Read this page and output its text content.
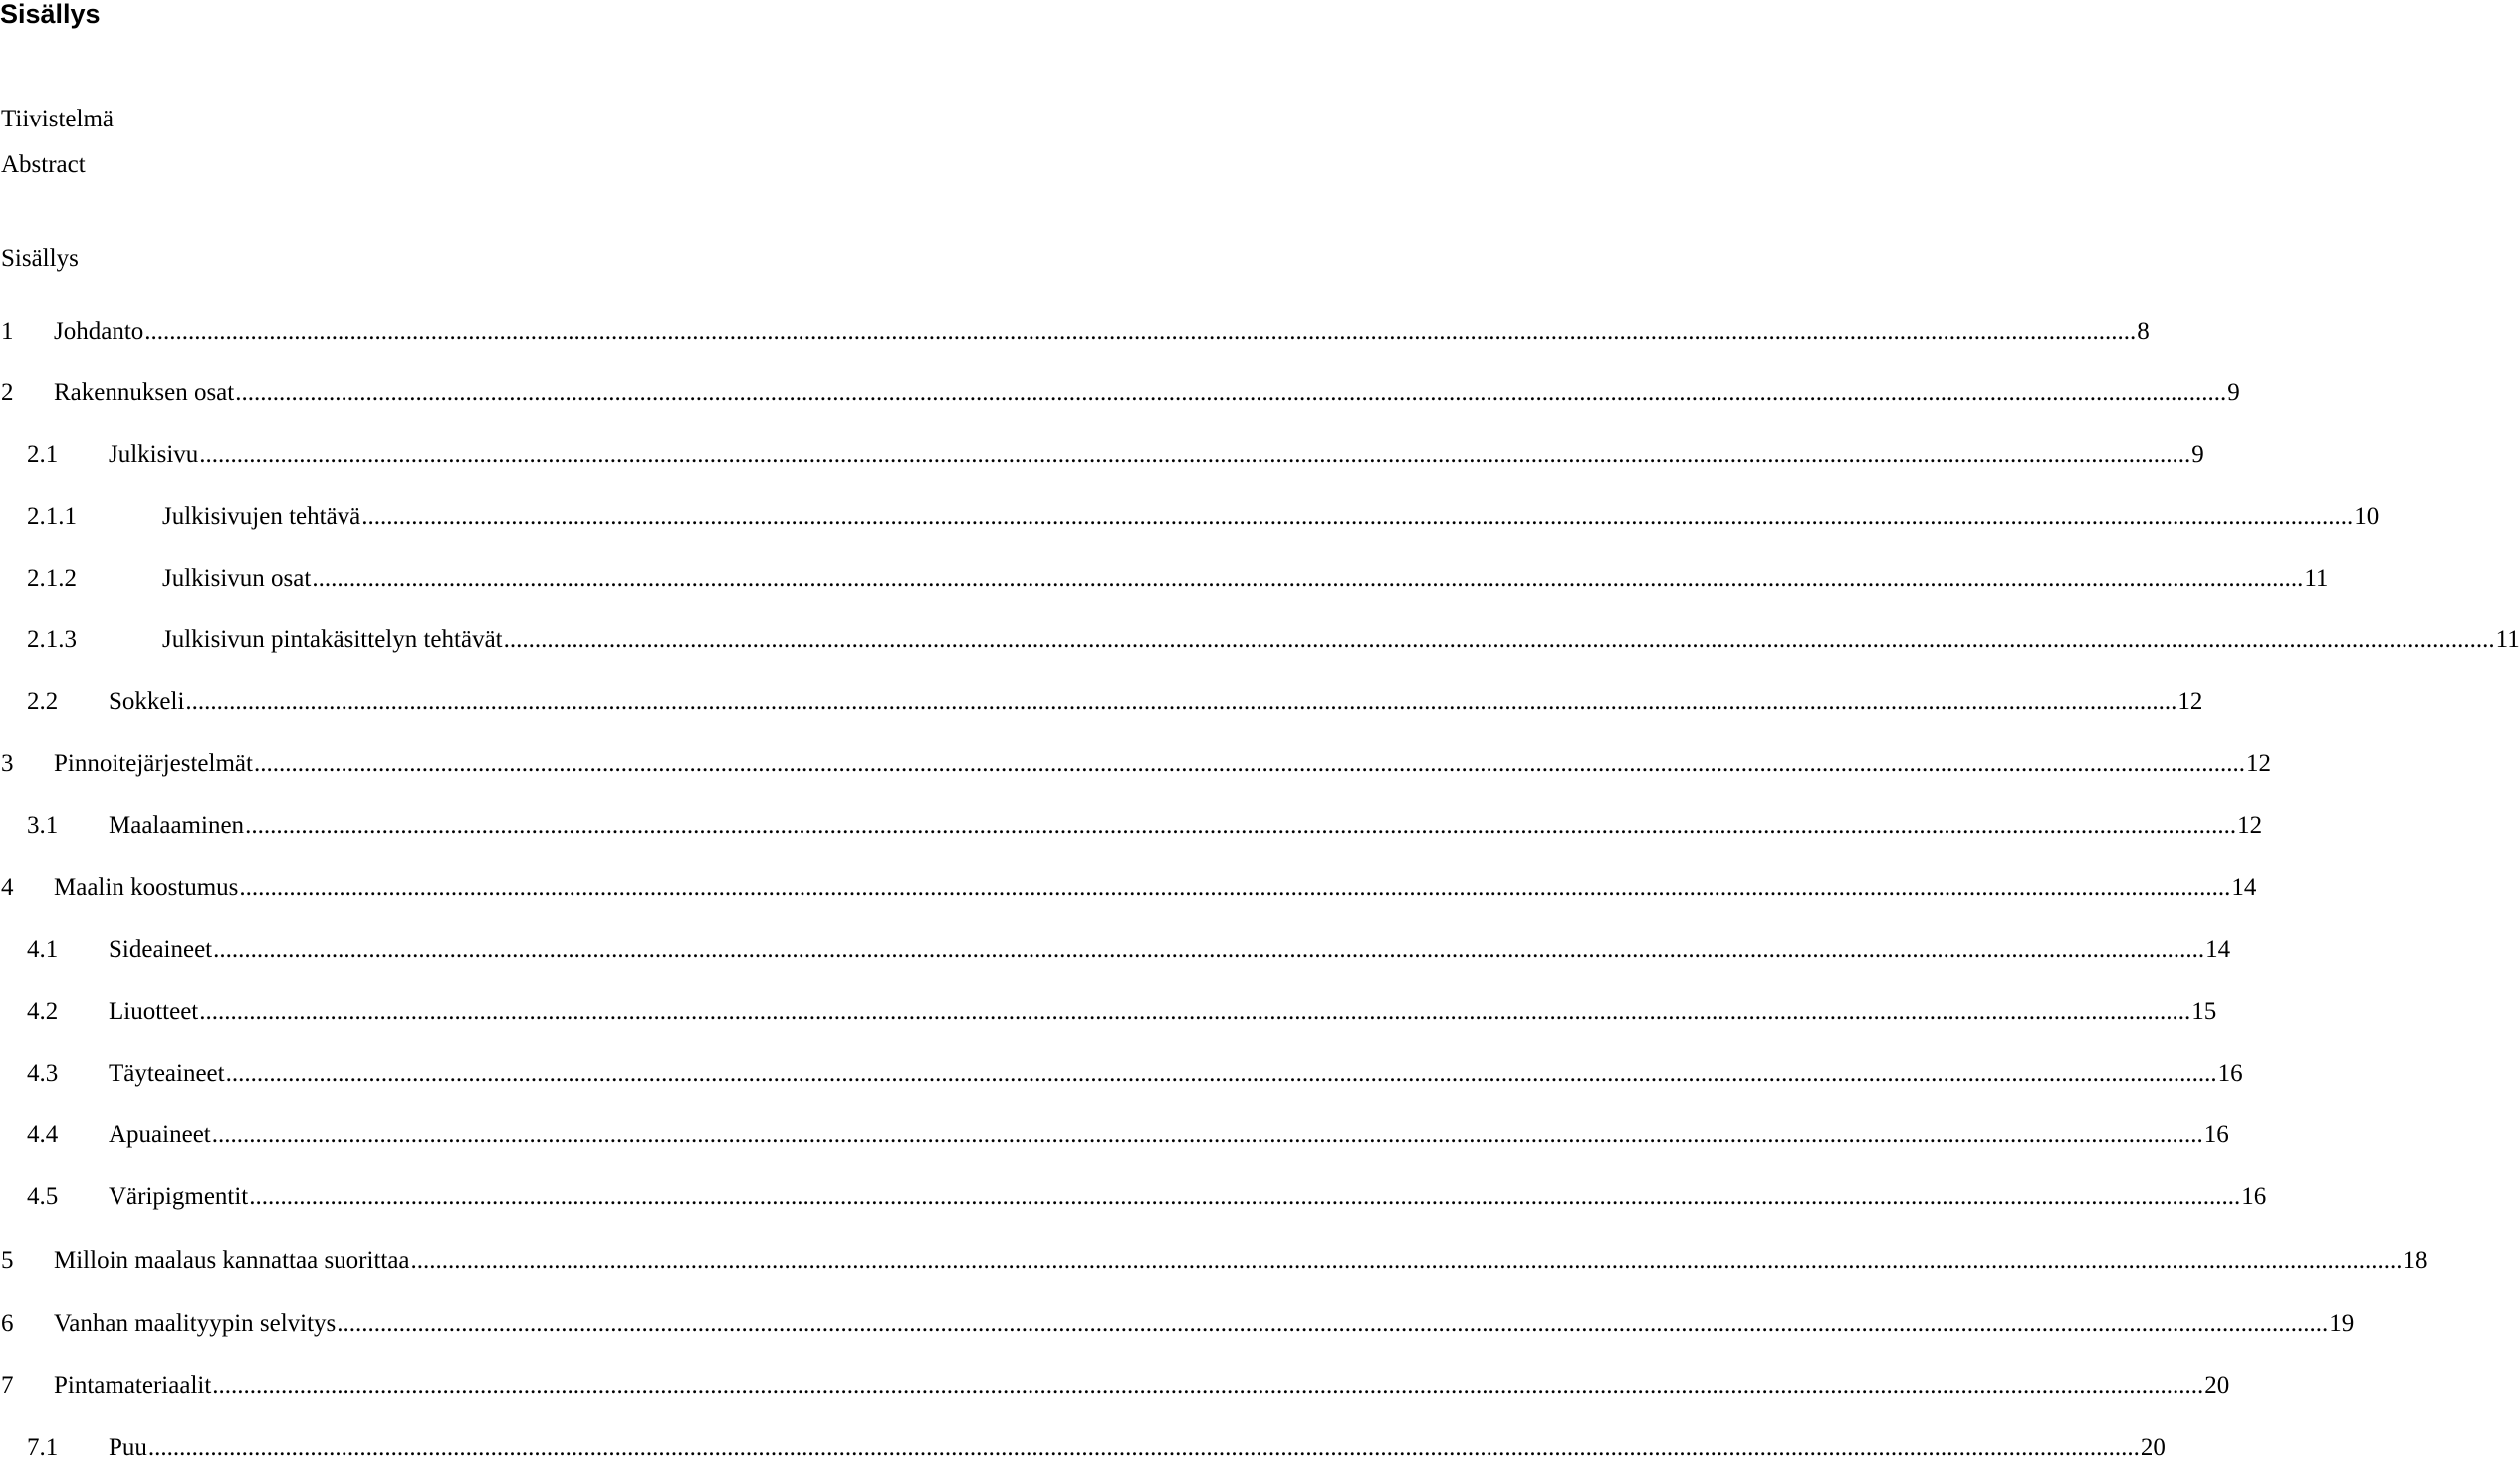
Sisällys
Tiivistelmä
Abstract
Sisällys
1	Johdanto .....	8
2	Rakennuksen osat .....	9
2.1	Julkisivu .....	9
2.1.1	Julkisivujen tehtävä .....	10
2.1.2	Julkisivun osat .....	11
2.1.3	Julkisivun pintakäsittelyn tehtävät .....	11
2.2	Sokkeli .....	12
3	Pinnoitejärjestelmät .....	12
3.1	Maalaaminen .....	12
4	Maalin koostumus .....	14
4.1	Sideaineet .....	14
4.2	Liuotteet .....	15
4.3	Täyteaineet .....	16
4.4	Apuaineet .....	16
4.5	Väripigmentit .....	16
5	Milloin maalaus kannattaa suorittaa .....	18
6	Vanhan maalityypin selvitys .....	19
7	Pintamateriaalit .....	20
7.1	Puu .....	20
